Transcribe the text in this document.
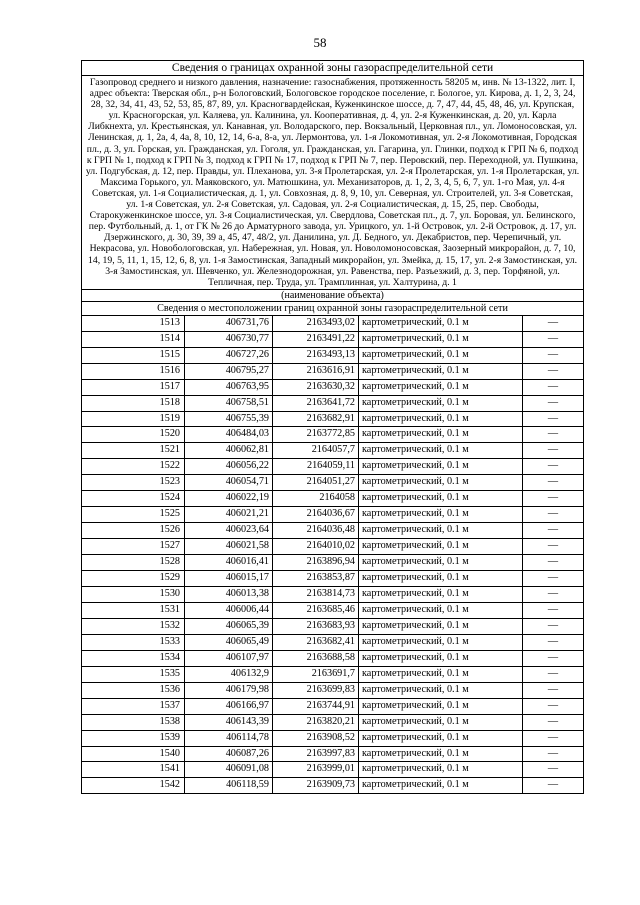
58
Сведения о границах охранной зоны газораспределительной сети				
Газопровод среднего и низкого давления, назначение: газоснабжения, протяженность 58205 м, инв. № 13-1322, лит. I, адрес объекта: Тверская обл., р-н Бологовский, Бологовское городское поселение, г. Бологое, ул. Кирова, д. 1, 2, 3, 24, 28, 32, 34, 41, 43, 52, 53, 85, 87, 89, ул. Красногвардейская, Куженкинское шоссе, д. 7, 47, 44, 45, 48, 46, ул. Крупская, ул. Красногорская, ул. Каляева, ул. Калинина, ул. Кооперативная, д. 4, ул. 2-я Куженкинская, д. 20, ул. Карла Либкнехта, ул. Крестьянская, ул. Канавная, ул. Володарского, пер. Вокзальный, Церковная пл., ул. Ломоносовская, ул. Ленинская, д. 1, 2а, 4, 4а, 8, 10, 12, 14, 6-а, 8-а, ул. Лермонтова, ул. 1-я Локомотивная, ул. 2-я Локомотивная, Городская пл., д. 3, ул. Горская, ул. Гражданская, ул. Гоголя, ул. Гражданская, ул. Гагарина, ул. Глинки, подход к ГРП № 6, подход к ГРП № 1, подход к ГРП № 3, подход к ГРП № 17, подход к ГРП № 7, пер. Перовский, пер. Переходной, ул. Пушкина, ул. Подгубская, д. 12, пер. Правды, ул. Плеханова, ул. 3-я Пролетарская, ул. 2-я Пролетарская, ул. 1-я Пролетарская, ул. Максима Горького, ул. Маяковского, ул. Матюшкина, ул. Механизаторов, д. 1, 2, 3, 4, 5, 6, 7, ул. 1-го Мая, ул. 4-я Советская, ул. 1-я Социалистическая, д. 1, ул. Совхозная, д. 8, 9, 10, ул. Северная, ул. Строителей, ул. 3-я Советская, ул. 1-я Советская, ул. 2-я Советская, ул. Садовая, ул. 2-я Социалистическая, д. 15, 25, пер. Свободы, Старокуженкинское шоссе, ул. 3-я Социалистическая, ул. Свердлова, Советская пл., д. 7, ул. Боровая, ул. Белинского, пер. Футбольный, д. 1, от ГК № 26 до Арматурного завода, ул. Урицкого, ул. 1-й Островок, ул. 2-й Островок, д. 17, ул. Дзержинского, д. 30, 39, 39 а, 45, 47, 48/2, ул. Данилина, ул. Д. Бедного, ул. Декабристов, пер. Черепичный, ул. Некрасова, ул. Новобологовская, ул. Набережная, ул. Новая, ул. Новоломоносовская, Заозерный микрорайон, д. 7, 10, 14, 19, 5, 11, 1, 15, 12, 6, 8, ул. 1-я Замостинская, Западный микрорайон, ул. Змейка, д. 15, 17, ул. 2-я Замостинская, ул. 3-я Замостинская, ул. Шевченко, ул. Железнодорожная, ул. Равенства, пер. Разъезжий, д. 3, пер. Торфяной, ул. Тепличная, пер. Труда, ул. Трамплинная, ул. Халтурина, д. 1				
(наименование объекта)				
Сведения о местоположении границ охранной зоны газораспределительной сети				
1513	406731,76	2163493,02	картометрический, 0.1 м	—
1514	406730,77	2163491,22	картометрический, 0.1 м	—
1515	406727,26	2163493,13	картометрический, 0.1 м	—
1516	406795,27	2163616,91	картометрический, 0.1 м	—
1517	406763,95	2163630,32	картометрический, 0.1 м	—
1518	406758,51	2163641,72	картометрический, 0.1 м	—
1519	406755,39	2163682,91	картометрический, 0.1 м	—
1520	406484,03	2163772,85	картометрический, 0.1 м	—
1521	406062,81	2164057,7	картометрический, 0.1 м	—
1522	406056,22	2164059,11	картометрический, 0.1 м	—
1523	406054,71	2164051,27	картометрический, 0.1 м	—
1524	406022,19	2164058	картометрический, 0.1 м	—
1525	406021,21	2164036,67	картометрический, 0.1 м	—
1526	406023,64	2164036,48	картометрический, 0.1 м	—
1527	406021,58	2164010,02	картометрический, 0.1 м	—
1528	406016,41	2163896,94	картометрический, 0.1 м	—
1529	406015,17	2163853,87	картометрический, 0.1 м	—
1530	406013,38	2163814,73	картометрический, 0.1 м	—
1531	406006,44	2163685,46	картометрический, 0.1 м	—
1532	406065,39	2163683,93	картометрический, 0.1 м	—
1533	406065,49	2163682,41	картометрический, 0.1 м	—
1534	406107,97	2163688,58	картометрический, 0.1 м	—
1535	406132,9	2163691,7	картометрический, 0.1 м	—
1536	406179,98	2163699,83	картометрический, 0.1 м	—
1537	406166,97	2163744,91	картометрический, 0.1 м	—
1538	406143,39	2163820,21	картометрический, 0.1 м	—
1539	406114,78	2163908,52	картометрический, 0.1 м	—
1540	406087,26	2163997,83	картометрический, 0.1 м	—
1541	406091,08	2163999,01	картометрический, 0.1 м	—
1542	406118,59	2163909,73	картометрический, 0.1 м	—
